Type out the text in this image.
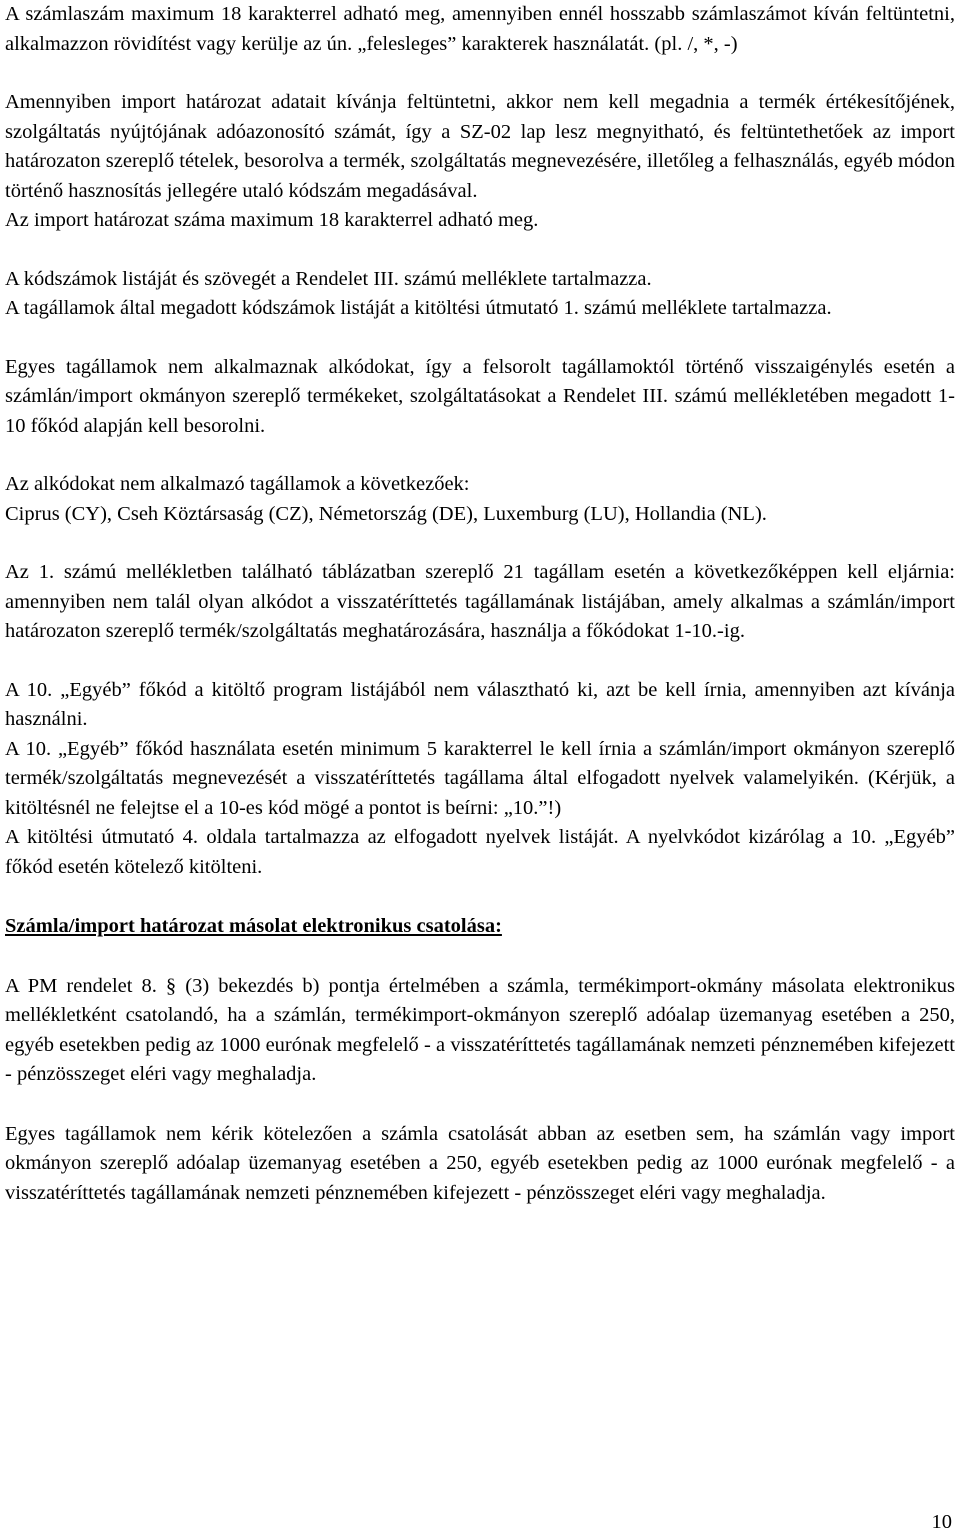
A számlaszám maximum 18 karakterrel adható meg, amennyiben ennél hosszabb számlaszámot kíván feltüntetni, alkalmazzon rövidítést vagy kerülje az ún. „felesleges” karakterek használatát. (pl. /, *, -)

Amennyiben import határozat adatait kívánja feltüntetni, akkor nem kell megadnia a termék értékesítőjének, szolgáltatás nyújtójának adóazonosító számát, így a SZ-02 lap lesz megnyitható, és feltüntethetőek az import határozaton szereplő tételek, besorolva a termék, szolgáltatás megnevezésére, illetőleg a felhasználás, egyéb módon történő hasznosítás jellegére utaló kódszám megadásával.

Az import határozat száma maximum 18 karakterrel adható meg.

A kódszámok listáját és szövegét a Rendelet III. számú melléklete tartalmazza.

A tagállamok által megadott kódszámok listáját a kitöltési útmutató 1. számú melléklete tartalmazza.

Egyes tagállamok nem alkalmaznak alkódokat, így a felsorolt tagállamoktól történő visszaigénylés esetén a számlán/import okmányon szereplő termékeket, szolgáltatásokat a Rendelet III. számú mellékletében megadott 1- 10 főkód alapján kell besorolni.

Az alkódokat nem alkalmazó tagállamok a következőek:

Ciprus (CY), Cseh Köztársaság (CZ), Németország (DE), Luxemburg (LU), Hollandia (NL).

Az 1. számú mellékletben található táblázatban szereplő 21 tagállam esetén a következőképpen kell eljárnia: amennyiben nem talál olyan alkódot a visszatéríttetés tagállamának listájában, amely alkalmas a számlán/import határozaton szereplő termék/szolgáltatás meghatározására, használja a főkódokat 1-10.-ig.

A 10. „Egyéb” főkód a kitöltő program listájából nem választható ki, azt be kell írnia, amennyiben azt kívánja használni.

A 10. „Egyéb” főkód használata esetén minimum 5 karakterrel le kell írnia a számlán/import okmányon szereplő termék/szolgáltatás megnevezését a visszatéríttetés tagállama által elfogadott nyelvek valamelyikén. (Kérjük, a kitöltésnél ne felejtse el a 10-es kód mögé a pontot is beírni: „10.”!)

A kitöltési útmutató 4. oldala tartalmazza az elfogadott nyelvek listáját. A nyelvkódot kizárólag a 10. „Egyéb” főkód esetén kötelező kitölteni.

Számla/import határozat másolat elektronikus csatolása:

A PM rendelet 8. § (3) bekezdés b) pontja értelmében a számla, termékimport-okmány másolata elektronikus mellékletként csatolandó, ha a számlán, termékimport-okmányon szereplő adóalap üzemanyag esetében a 250, egyéb esetekben pedig az 1000 eurónak megfelelő - a visszatéríttetés tagállamának nemzeti pénznemében kifejezett - pénzösszeget eléri vagy meghaladja.

Egyes tagállamok nem kérik kötelezően a számla csatolását abban az esetben sem, ha számlán vagy import okmányon szereplő adóalap üzemanyag esetében a 250, egyéb esetekben pedig az 1000 eurónak megfelelő - a visszatéríttetés tagállamának nemzeti pénznemében kifejezett - pénzösszeget eléri vagy meghaladja.

10
